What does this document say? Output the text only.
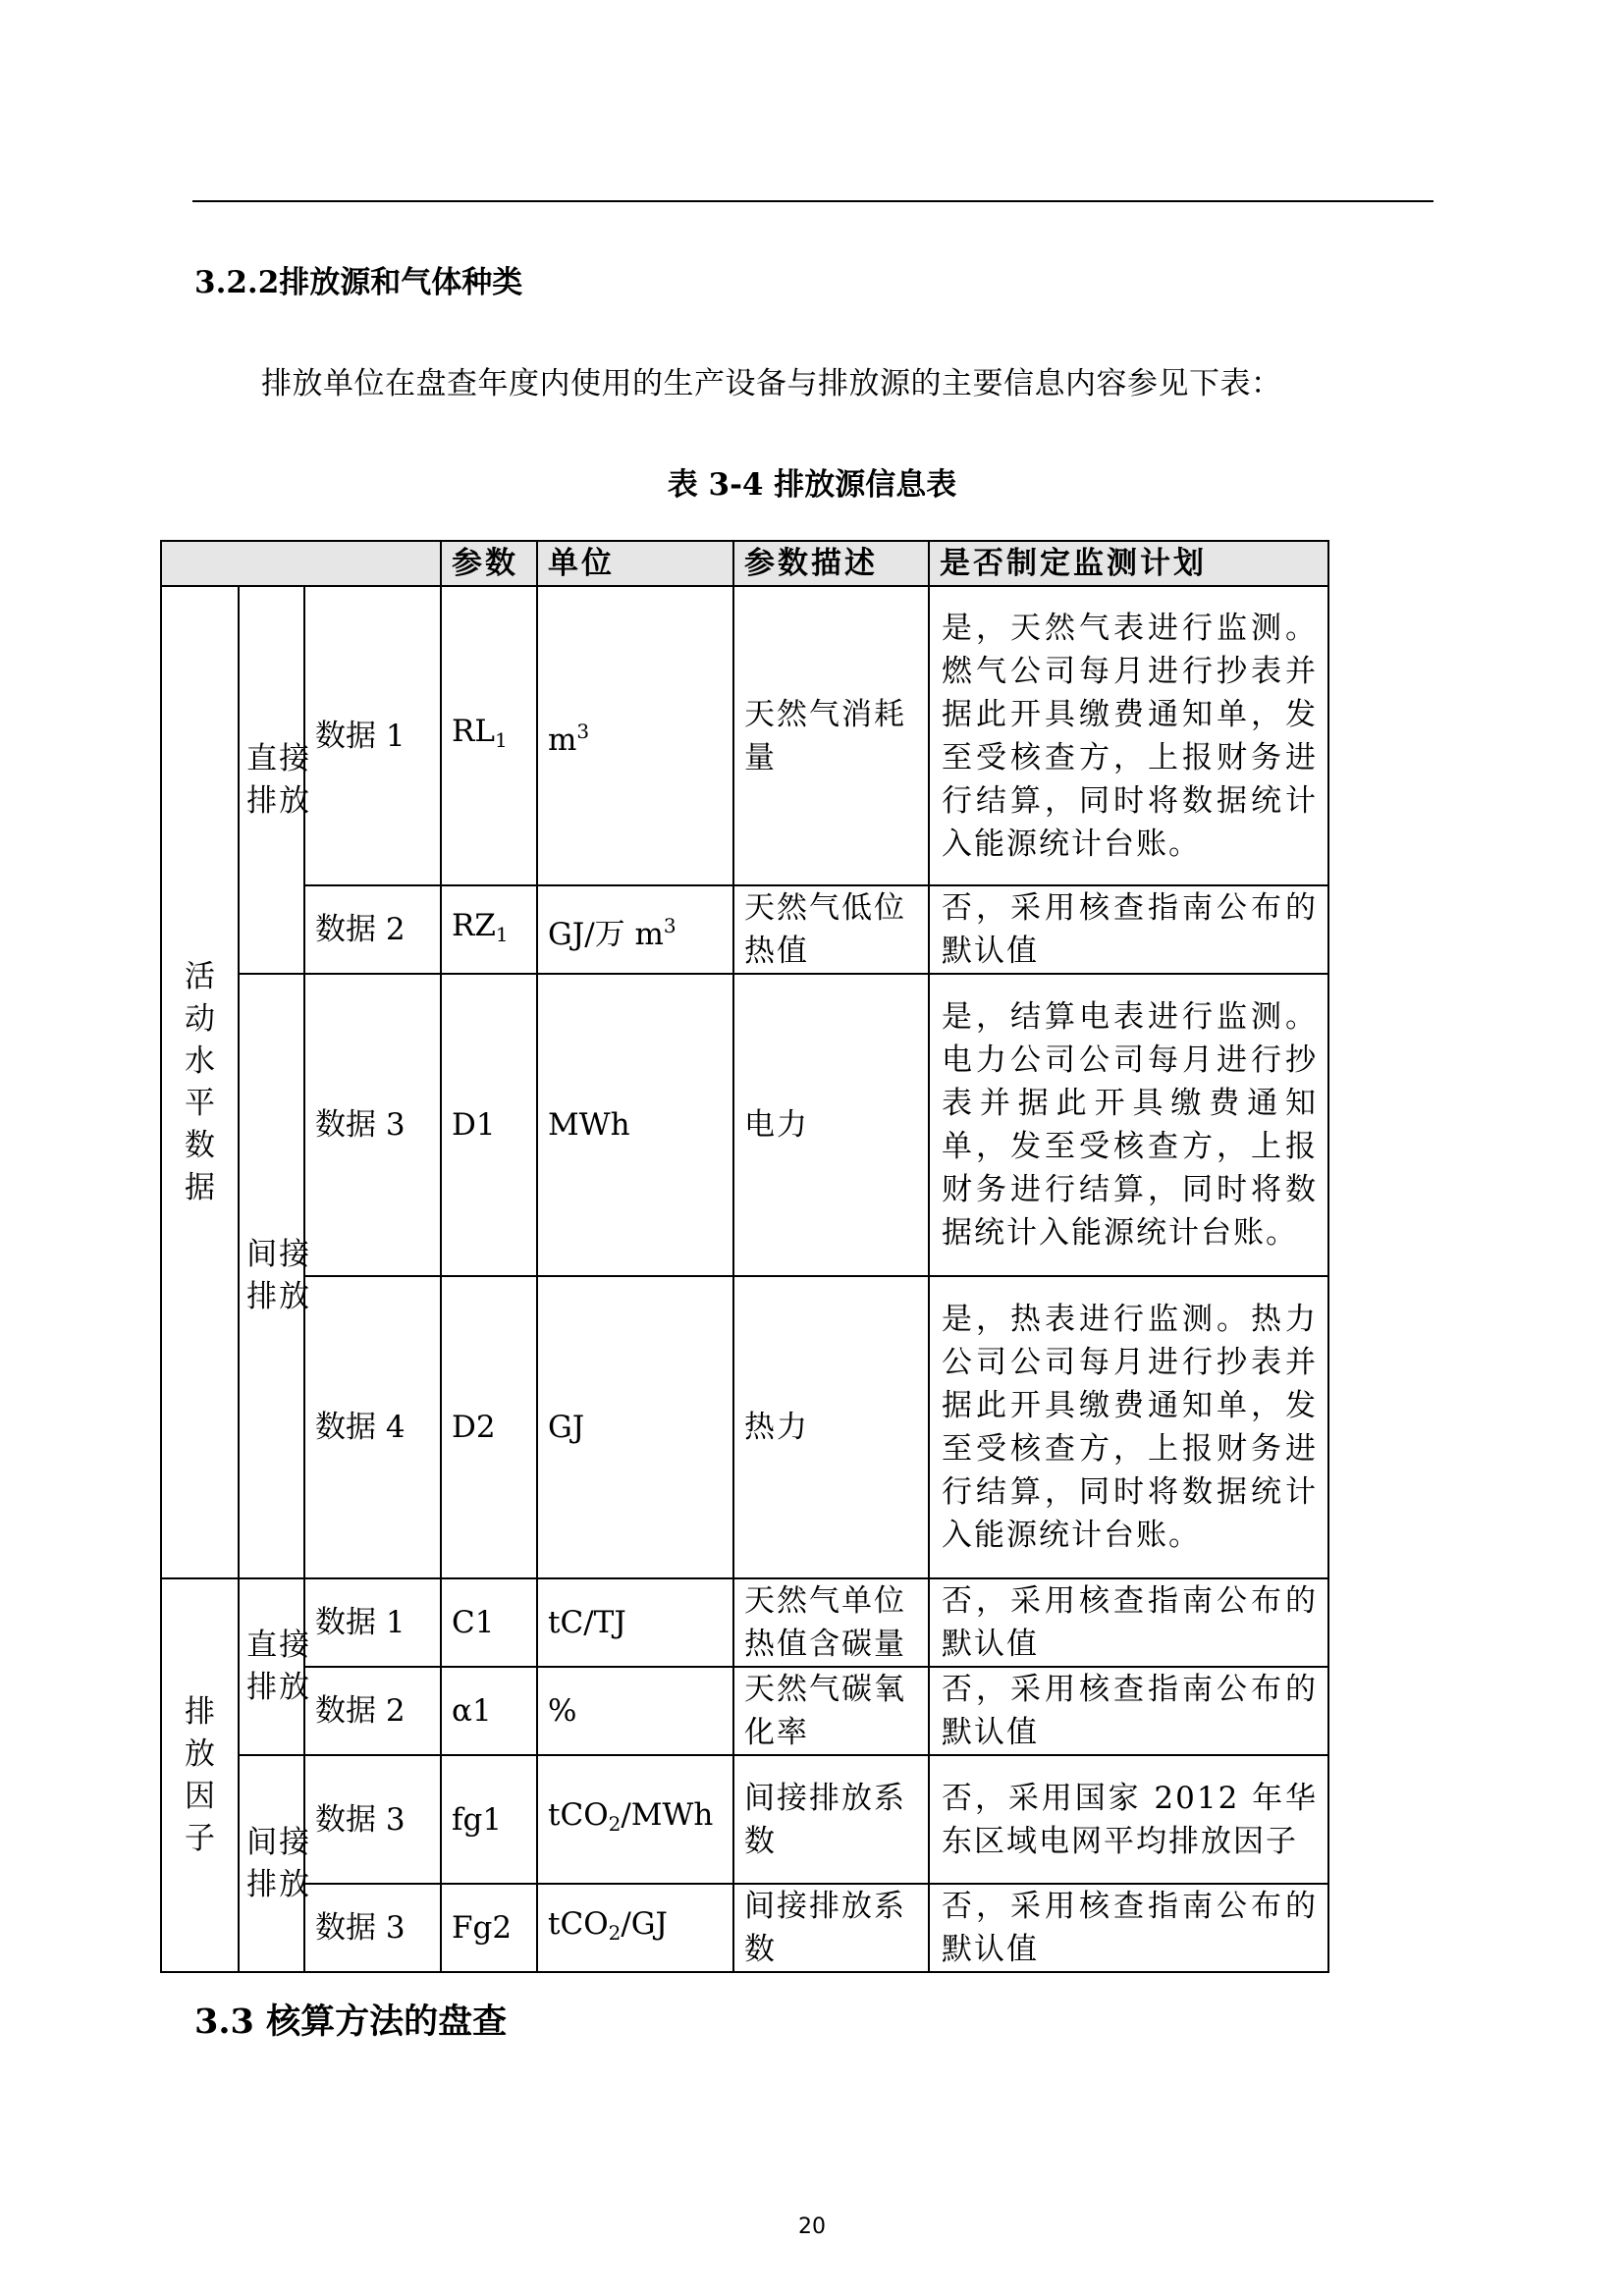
3.2.2排放源和气体种类
排放单位在盘查年度内使用的生产设备与排放源的主要信息内容参见下表：
表 3-4 排放源信息表
			参数	单位	参数描述	是否制定监测计划

活动水平数据	直接排放	数据 1	$RL_1$	$m^3$	天然气消耗量	是，天然气表进行监测。燃气公司每月进行抄表并据此开具缴费通知单，发至受核查方，上报财务进行结算，同时将数据统计入能源统计台账。
		数据 2	$RZ_1$	GJ/万 $m^3$	天然气低位热值	否，采用核查指南公布的默认值

	间接排放	数据 3	D1	MWh	电力	是，结算电表进行监测。电力公司公司每月进行抄表并据此开具缴费通知单，发至受核查方，上报财务进行结算，同时将数据统计入能源统计台账。
		数据 4	D2	GJ	热力	是，热表进行监测。热力公司公司每月进行抄表并据此开具缴费通知单，发至受核查方，上报财务进行结算，同时将数据统计入能源统计台账。

排放因子	直接排放	数据 1	C1	tC/TJ	天然气单位热值含碳量	否，采用核查指南公布的默认值
		数据 2	α1	%	天然气碳氧化率	否，采用核查指南公布的默认值

	间接排放	数据 3	fg1	tCO$_2$/MWh	间接排放系数	否，采用国家 2012 年华东区域电网平均排放因子
		数据 3	Fg2	tCO$_2$/GJ	间接排放系数	否，采用核查指南公布的默认值
3.3 核算方法的盘查
20
